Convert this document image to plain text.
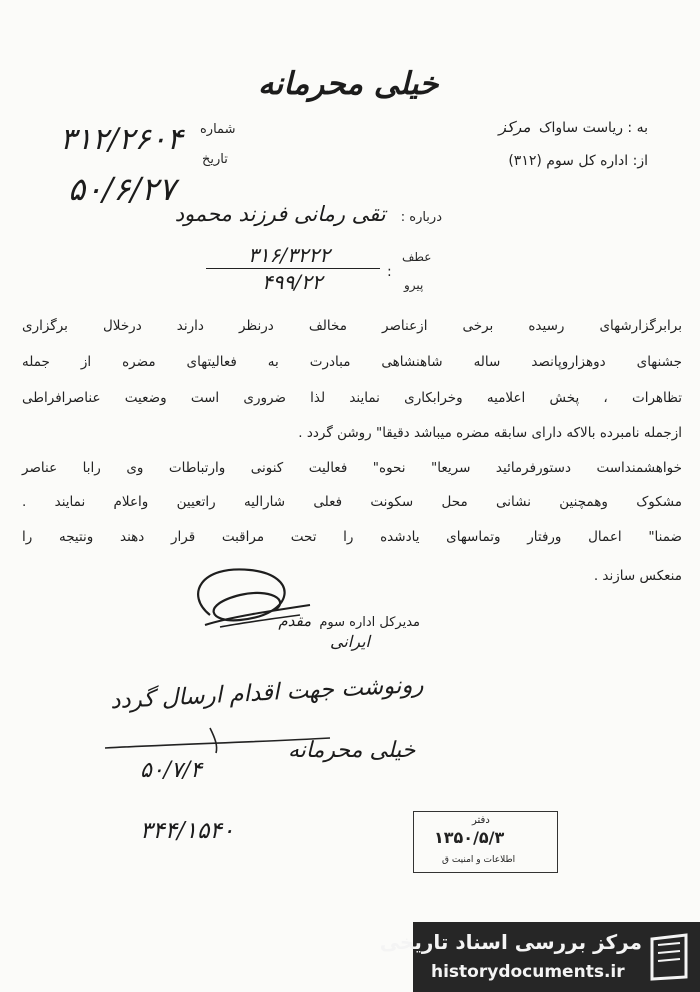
خیلی محرمانه
۳۱۲/۲۶۰۴
۵۰/۶/۲۷
شماره
تاریخ
به : ریاست ساواک مرکز
از: اداره کل سوم (۳۱۲)
درباره : تقی رمانی فرزند محمود
عطف
پیرو
:
۳۱۶/۳۲۲۲
۴۹۹/۲۲
برابرگزارشهای رسیده برخی ازعناصر مخالف درنظر دارند درخلال برگزاری
جشنهای دوهزاروپانصد ساله شاهنشاهی مبادرت به فعالیتهای مضره از جمله
تظاهرات ، پخش اعلامیه وخرابکاری نمایند لذا ضروری است وضعیت عناصرافراطی
ازجمله نامبرده بالاکه دارای سابقه مضره میباشد دقیقا" روشن گردد .
خواهشمنداست دستورفرمائید سریعا" نحوه" فعالیت کنونی وارتباطات وی رابا عناصر
مشکوک وهمچنین نشانی محل سکونت فعلی شارالیه راتعیین واعلام نمایند .
ضمنا" اعمال ورفتار وتماسهای یادشده را تحت مراقبت قرار دهند ونتیجه را
منعکس سازند .
مدیرکل اداره سوم مقدم
ایرانی
رونوشت جهت اقدام ارسال گردد
خیلی محرمانه
۵۰/۷/۴
۳۴۴/۱۵۴۰	دفتر
۱۳۵۰/۵/۳
اطلاعات و امنیت ق
مرکز بررسی اسناد تاریخی
historydocuments.ir
